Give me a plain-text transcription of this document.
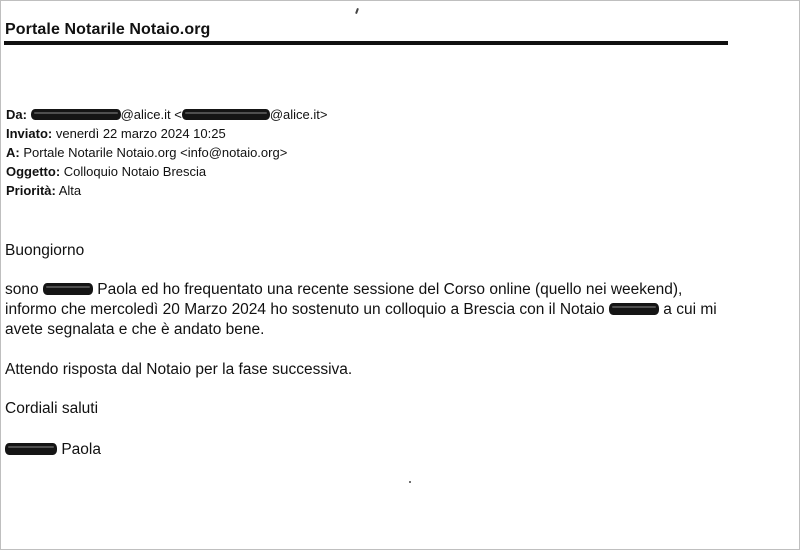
Portale Notarile Notaio.org
Da:	@alice.it <	@alice.it>
Inviato: venerdì 22 marzo 2024 10:25
A: Portale Notarile Notaio.org <info@notaio.org>
Oggetto: Colloquio Notaio Brescia
Priorità: Alta
Buongiorno
sono	Paola ed ho frequentato una recente sessione del Corso online (quello nei weekend), informo che mercoledì 20 Marzo 2024 ho sostenuto un colloquio a Brescia con il Notaio	a cui mi avete segnalata e che è andato bene.
Attendo risposta dal Notaio per la fase successiva.
Cordiali saluti
Paola
